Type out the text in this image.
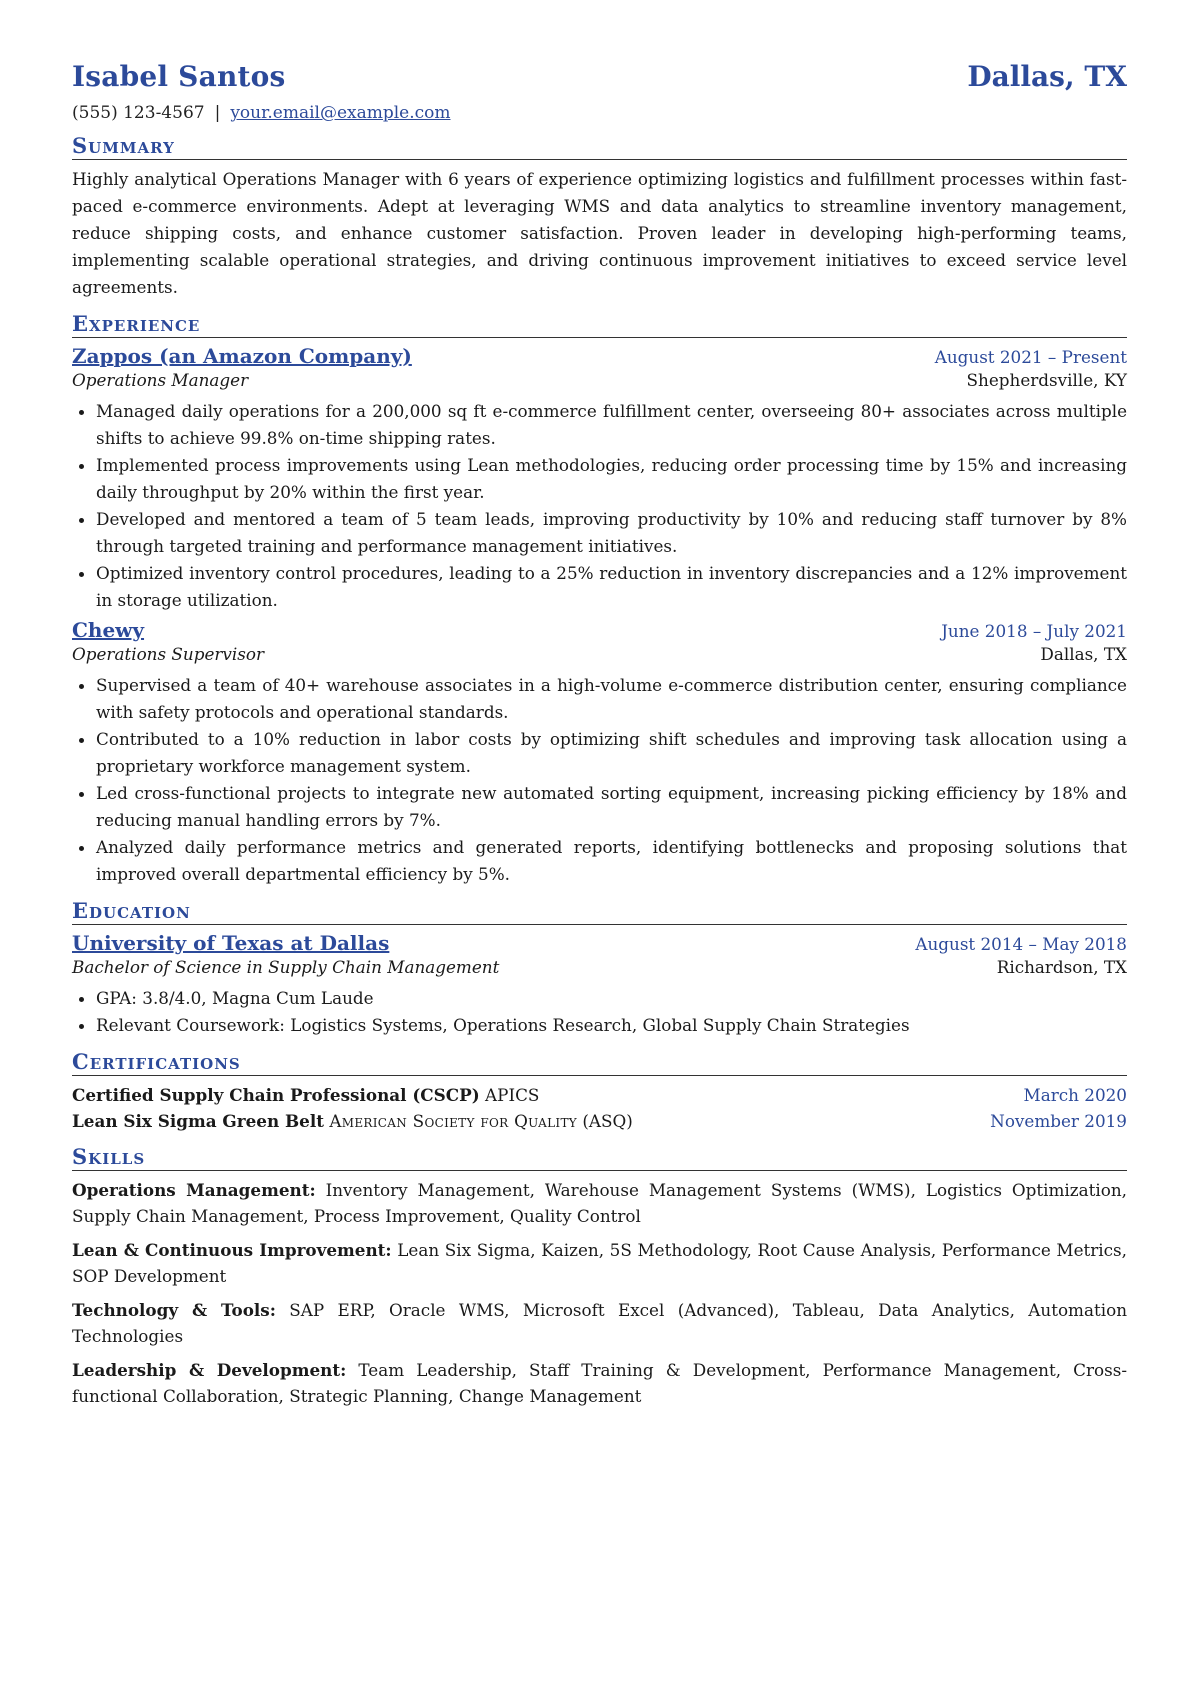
Isabel Santos	Dallas, TX
(555) 123-4567 | your.email@example.com
Summary

Highly analytical Operations Manager with 6 years of experience optimizing logistics and fulfillment processes within fast-paced e-commerce environments. Adept at leveraging WMS and data analytics to streamline inventory management, reduce shipping costs, and enhance customer satisfaction. Proven leader in developing high-performing teams, implementing scalable operational strategies, and driving continuous improvement initiatives to exceed service level agreements.

Experience
Zappos (an Amazon Company)	August 2021 – Present
Operations Manager	Shepherdsville, KY
• Managed daily operations for a 200,000 sq ft e-commerce fulfillment center, overseeing 80+ associates across multiple shifts to achieve 99.8% on-time shipping rates.
• Implemented process improvements using Lean methodologies, reducing order processing time by 15% and increasing daily throughput by 20% within the first year.
• Developed and mentored a team of 5 team leads, improving productivity by 10% and reducing staff turnover by 8% through targeted training and performance management initiatives.
• Optimized inventory control procedures, leading to a 25% reduction in inventory discrepancies and a 12% improvement in storage utilization.
Chewy	June 2018 – July 2021
Operations Supervisor	Dallas, TX
• Supervised a team of 40+ warehouse associates in a high-volume e-commerce distribution center, ensuring compliance with safety protocols and operational standards.
• Contributed to a 10% reduction in labor costs by optimizing shift schedules and improving task allocation using a proprietary workforce management system.
• Led cross-functional projects to integrate new automated sorting equipment, increasing picking efficiency by 18% and reducing manual handling errors by 7%.
• Analyzed daily performance metrics and generated reports, identifying bottlenecks and proposing solutions that improved overall departmental efficiency by 5%.
Education
University of Texas at Dallas	August 2014 – May 2018
Bachelor of Science in Supply Chain Management	Richardson, TX
• GPA: 3.8/4.0, Magna Cum Laude
• Relevant Coursework: Logistics Systems, Operations Research, Global Supply Chain Strategies
Certifications
Certified Supply Chain Professional (CSCP) APICS	March 2020
Lean Six Sigma Green Belt American Society for Quality (ASQ)	November 2019
Skills
Operations Management: Inventory Management, Warehouse Management Systems (WMS), Logistics Optimization, Supply Chain Management, Process Improvement, Quality Control
Lean & Continuous Improvement: Lean Six Sigma, Kaizen, 5S Methodology, Root Cause Analysis, Performance Metrics, SOP Development
Technology & Tools: SAP ERP, Oracle WMS, Microsoft Excel (Advanced), Tableau, Data Analytics, Automation Technologies
Leadership & Development: Team Leadership, Staff Training & Development, Performance Management, Cross-functional Collaboration, Strategic Planning, Change Management
